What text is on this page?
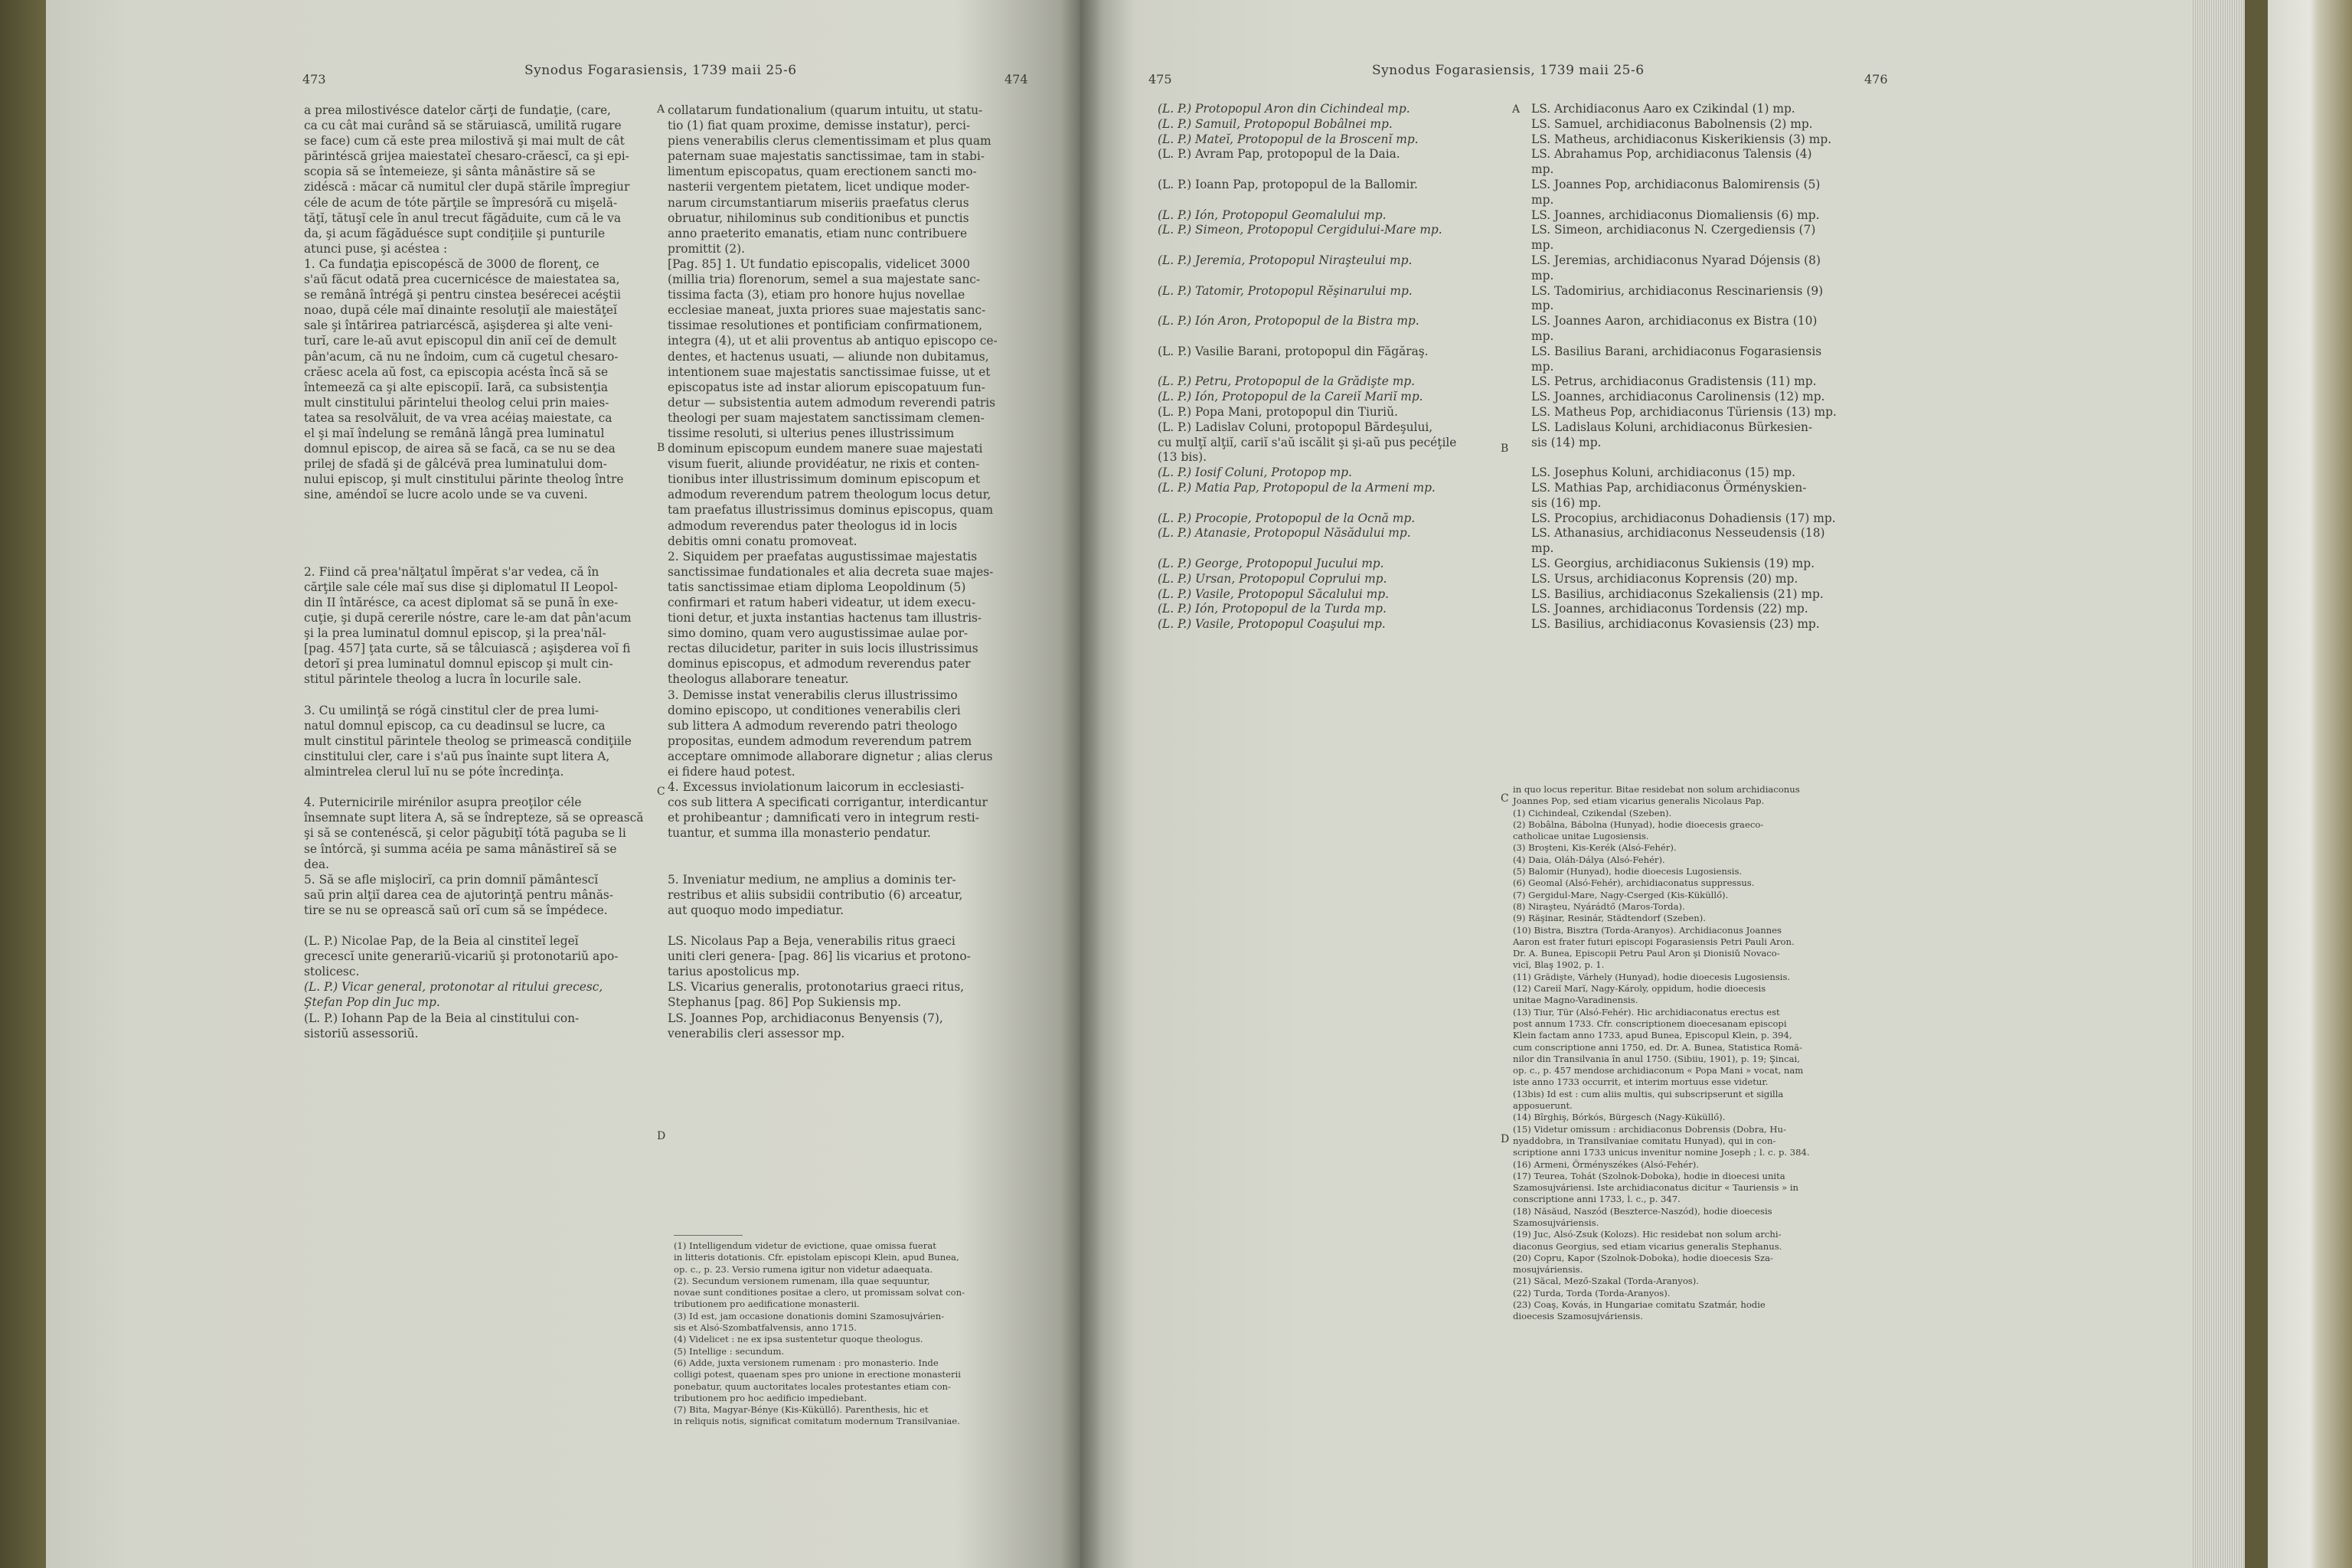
473
Synodus Fogarasiensis, 1739 maii 25-6
474

a prea milostivésce datelor cărţi de fundaţie, (care,

ca cu cât mai curând să se stăruiască, umilită rugare

se face) cum că este prea milostivă şi mai mult de cât

părintéscă grijea maiestateĭ chesaro-crăescĭ, ca şi epi-

scopia să se întemeieze, şi sânta mânăstire să se

zidéscă : măcar că numitul cler după stările împregiur

céle de acum de tóte părţile se împresóră cu mişelă-

tăţĭ, tătuşĭ cele în anul trecut făgăduite, cum că le va

da, şi acum făgăduésce supt condiţiile şi punturile

atunci puse, şi acéstea :

1. Ca fundaţia episcopéscă de 3000 de florenţ, ce

s'aŭ făcut odată prea cucernicésce de maiestatea sa,

se remână întrégă şi pentru cinstea besérecei acéştii

noao, după céle maĭ dinainte resoluţiĭ ale maiestăţeĭ

sale şi întărirea patriarcéscă, aşişderea şi alte veni-

turĭ, care le-aŭ avut episcopul din aniĭ ceĭ de demult

pân'acum, că nu ne îndoim, cum că cugetul chesaro-

crăesc acela aŭ fost, ca episcopia acésta încă să se

întemeeză ca şi alte episcopiĭ. Iară, ca subsistenţia

mult cinstitului părintelui theolog celui prin maies-

tatea sa resolvăluit, de va vrea acéiaş maiestate, ca

el şi maĭ îndelung se remână lângă prea luminatul

domnul episcop, de airea să se facă, ca se nu se dea

prilej de sfadă şi de gâlcévă prea luminatului dom-

nului episcop, şi mult cinstitului părinte theolog între

sine, améndoĭ se lucre acolo unde se va cuveni.

2. Fiind că prea'nălţatul împĕrat s'ar vedea, că în

cărţile sale céle maĭ sus dise şi diplomatul II Leopol-

din II întărésce, ca acest diplomat să se pună în exe-

cuţie, şi după cererile nóstre, care le-am dat pân'acum

şi la prea luminatul domnul episcop, şi la prea'năl-

[pag. 457] ţata curte, să se tâlcuiască ; aşişderea voĭ fi

detorĭ şi prea luminatul domnul episcop şi mult cin-

stitul părintele theolog a lucra în locurile sale.

3. Cu umilinţă se rógă cinstitul cler de prea lumi-

natul domnul episcop, ca cu deadinsul se lucre, ca

mult cinstitul părintele theolog se primească condiţiile

cinstitului cler, care i s'aŭ pus înainte supt litera A,

almintrelea clerul luĭ nu se póte încredinţa.

4. Puternicirile mirénilor asupra preoţilor céle

însemnate supt litera A, să se îndrepteze, să se oprească

şi să se contenéscă, şi celor păgubiţĭ tótă paguba se li

se întórcă, şi summa acéia pe sama mânăstireĭ să se

dea.

5. Să se afle mişlocirĭ, ca prin domniĭ pământescĭ

saŭ prin alţiĭ darea cea de ajutorinţă pentru mânăs-

tire se nu se oprească saŭ orĭ cum să se împédece.

(L. P.) Nicolae Pap, de la Beia al cinstiteĭ legeĭ

grecescĭ unite generariŭ-vicariŭ şi protonotariŭ apo-

stolicesc.

(L. P.) Vicar general, protonotar al ritului grecesc,

Ştefan Pop din Juc mp.

(L. P.) Iohann Pap de la Beia al cinstitului con-

sistoriŭ assessoriŭ.

collatarum fundationalium (quarum intuitu, ut statu-

tio (1) fiat quam proxime, demisse instatur), perci-

piens venerabilis clerus clementissimam et plus quam

paternam suae majestatis sanctissimae, tam in stabi-

limentum episcopatus, quam erectionem sancti mo-

nasterii vergentem pietatem, licet undique moder-

narum circumstantiarum miseriis praefatus clerus

obruatur, nihilominus sub conditionibus et punctis

anno praeterito emanatis, etiam nunc contribuere

promittit (2).

[Pag. 85] 1. Ut fundatio episcopalis, videlicet 3000

(millia tria) florenorum, semel a sua majestate sanc-

tissima facta (3), etiam pro honore hujus novellae

ecclesiae maneat, juxta priores suae majestatis sanc-

tissimae resolutiones et pontificiam confirmationem,

integra (4), ut et alii proventus ab antiquo episcopo ce-

dentes, et hactenus usuati, — aliunde non dubitamus,

intentionem suae majestatis sanctissimae fuisse, ut et

episcopatus iste ad instar aliorum episcopatuum fun-

detur — subsistentia autem admodum reverendi patris

theologi per suam majestatem sanctissimam clemen-

tissime resoluti, si ulterius penes illustrissimum

dominum episcopum eundem manere suae majestati

visum fuerit, aliunde providéatur, ne rixis et conten-

tionibus inter illustrissimum dominum episcopum et

admodum reverendum patrem theologum locus detur,

tam praefatus illustrissimus dominus episcopus, quam

admodum reverendus pater theologus id in locis

debitis omni conatu promoveat.

2. Siquidem per praefatas augustissimae majestatis

sanctissimae fundationales et alia decreta suae majes-

tatis sanctissimae etiam diploma Leopoldinum (5)

confirmari et ratum haberi videatur, ut idem execu-

tioni detur, et juxta instantias hactenus tam illustris-

simo domino, quam vero augustissimae aulae por-

rectas dilucidetur, pariter in suis locis illustrissimus

dominus episcopus, et admodum reverendus pater

theologus allaborare teneatur.

3. Demisse instat venerabilis clerus illustrissimo

domino episcopo, ut conditiones venerabilis cleri

sub littera A admodum reverendo patri theologo

propositas, eundem admodum reverendum patrem

acceptare omnimode allaborare dignetur ; alias clerus

ei fidere haud potest.

4. Excessus inviolationum laicorum in ecclesiasti-

cos sub littera A specificati corrigantur, interdicantur

et prohibeantur ; damnificati vero in integrum resti-

tuantur, et summa illa monasterio pendatur.

5. Inveniatur medium, ne amplius a dominis ter-

restribus et aliis subsidii contributio (6) arceatur,

aut quoquo modo impediatur.

LS. Nicolaus Pap a Beja, venerabilis ritus graeci

uniti cleri genera- [pag. 86] lis vicarius et protono-

tarius apostolicus mp.

LS. Vicarius generalis, protonotarius graeci ritus,

Stephanus [pag. 86] Pop Sukiensis mp.

LS. Joannes Pop, archidiaconus Benyensis (7),

venerabilis cleri assessor mp.

A
B
C
D

(1) Intelligendum videtur de evictione, quae omissa fuerat

in litteris dotationis. Cfr. epistolam episcopi Klein, apud Bunea,

op. c., p. 23. Versio rumena igitur non videtur adaequata.

(2). Secundum versionem rumenam, illa quae sequuntur,

novae sunt conditiones positae a clero, ut promissam solvat con-

tributionem pro aedificatione monasterii.

(3) Id est, jam occasione donationis domini Szamosujvárien-

sis et Alsó-Szombatfalvensis, anno 1715.

(4) Videlicet : ne ex ipsa sustentetur quoque theologus.

(5) Intellige : secundum.

(6) Adde, juxta versionem rumenam : pro monasterio. Inde

colligi potest, quaenam spes pro unione in erectione monasterii

ponebatur, quum auctoritates locales protestantes etiam con-

tributionem pro hoc aedificio impediebant.

(7) Bita, Magyar-Bénye (Kis-Küküllő). Parenthesis, hic et

in reliquis notis, significat comitatum modernum Transilvaniae.

475
Synodus Fogarasiensis, 1739 maii 25-6
476

(L. P.) Protopopul Aron din Cichindeal mp.

(L. P.) Samuil, Protopopul Bobâlnei mp.

(L. P.) Mateĭ, Protopopul de la Broscenĭ mp.

(L. P.) Avram Pap, protopopul de la Daia.

(L. P.) Ioann Pap, protopopul de la Ballomir.

(L. P.) Ión, Protopopul Geomalului mp.

(L. P.) Simeon, Protopopul Cergidului-Mare mp.

(L. P.) Jeremia, Protopopul Niraşteului mp.

(L. P.) Tatomir, Protopopul Rĕşinarului mp.

(L. P.) Ión Aron, Protopopul de la Bistra mp.

(L. P.) Vasilie Barani, protopopul din Făgăraş.

(L. P.) Petru, Protopopul de la Grădişte mp.

(L. P.) Ión, Protopopul de la Careiĭ Mariĭ mp.

(L. P.) Popa Mani, protopopul din Tiuriŭ.

(L. P.) Ladislav Coluni, protopopul Bărdeşului,

cu mulţĭ alţiĭ, cariĭ s'aŭ iscălit şi şi-aŭ pus pecéţile

(13 bis).

(L. P.) Iosif Coluni, Protopop mp.

(L. P.) Matia Pap, Protopopul de la Armeni mp.

(L. P.) Procopie, Protopopul de la Ocnă mp.

(L. P.) Atanasie, Protopopul Năsădului mp.

(L. P.) George, Protopopul Jucului mp.

(L. P.) Ursan, Protopopul Coprului mp.

(L. P.) Vasile, Protopopul Săcalului mp.

(L. P.) Ión, Protopopul de la Turda mp.

(L. P.) Vasile, Protopopul Coaşului mp.

LS. Archidiaconus Aaro ex Czikindal (1) mp.

LS. Samuel, archidiaconus Babolnensis (2) mp.

LS. Matheus, archidiaconus Kiskerikiensis (3) mp.

LS. Abrahamus Pop, archidiaconus Talensis (4)

mp.

LS. Joannes Pop, archidiaconus Balomirensis (5)

mp.

LS. Joannes, archidiaconus Diomaliensis (6) mp.

LS. Simeon, archidiaconus N. Czergediensis (7)

mp.

LS. Jeremias, archidiaconus Nyarad Dójensis (8)

mp.

LS. Tadomirius, archidiaconus Rescinariensis (9)

mp.

LS. Joannes Aaron, archidiaconus ex Bistra (10)

mp.

LS. Basilius Barani, archidiaconus Fogarasiensis

mp.

LS. Petrus, archidiaconus Gradistensis (11) mp.

LS. Joannes, archidiaconus Carolinensis (12) mp.

LS. Matheus Pop, archidiaconus Türiensis (13) mp.

LS. Ladislaus Koluni, archidiaconus Bürkesien-

sis (14) mp.

LS. Josephus Koluni, archidiaconus (15) mp.

LS. Mathias Pap, archidiaconus Örményskien-

sis (16) mp.

LS. Procopius, archidiaconus Dohadiensis (17) mp.

LS. Athanasius, archidiaconus Nesseudensis (18)

mp.

LS. Georgius, archidiaconus Sukiensis (19) mp.

LS. Ursus, archidiaconus Koprensis (20) mp.

LS. Basilius, archidiaconus Szekaliensis (21) mp.

LS. Joannes, archidiaconus Tordensis (22) mp.

LS. Basilius, archidiaconus Kovasiensis (23) mp.

A
B
C
D

in quo locus reperitur. Bitae residebat non solum archidiaconus

Joannes Pop, sed etiam vicarius generalis Nicolaus Pap.

(1) Cichindeal, Czikendal (Szeben).

(2) Bobâlna, Bábolna (Hunyad), hodie dioecesis graeco-

catholicae unitae Lugosiensis.

(3) Broşteni, Kis-Kerék (Alsó-Fehér).

(4) Daia, Oláh-Dálya (Alsó-Fehér).

(5) Balomir (Hunyad), hodie dioecesis Lugosiensis.

(6) Geomal (Alsó-Fehér), archidiaconatus suppressus.

(7) Gergidul-Mare, Nagy-Cserged (Kis-Küküllő).

(8) Niraşteu, Nyárádtő (Maros-Torda).

(9) Răşinar, Resinár, Städtendorf (Szeben).

(10) Bistra, Bisztra (Torda-Aranyos). Archidiaconus Joannes

Aaron est frater futuri episcopi Fogarasiensis Petri Pauli Aron.

Dr. A. Bunea, Episcopii Petru Paul Aron şi Dionisiŭ Novaco-

vicĭ, Blaş 1902, p. 1.

(11) Grădişte, Várhely (Hunyad), hodie dioecesis Lugosiensis.

(12) Careiĭ Marĭ, Nagy-Károly, oppidum, hodie dioecesis

unitae Magno-Varadinensis.

(13) Tiur, Tür (Alsó-Fehér). Hic archidiaconatus erectus est

post annum 1733. Cfr. conscriptionem dioecesanam episcopi

Klein factam anno 1733, apud Bunea, Episcopul Klein, p. 394,

cum conscriptione anni 1750, ed. Dr. A. Bunea, Statistica Romă-

nilor din Transilvania în anul 1750. (Sibiiu, 1901), p. 19; Şincai,

op. c., p. 457 mendose archidiaconum « Popa Mani » vocat, nam

iste anno 1733 occurrit, et interim mortuus esse videtur.

(13bis) Id est : cum aliis multis, qui subscripserunt et sigilla

apposuerunt.

(14) Bîrghiş, Bórkós, Bürgesch (Nagy-Küküllő).

(15) Videtur omissum : archidiaconus Dobrensis (Dobra, Hu-

nyaddobra, in Transilvaniae comitatu Hunyad), qui in con-

scriptione anni 1733 unicus invenitur nomine Joseph ; l. c. p. 384.

(16) Armeni, Örményszékes (Alsó-Fehér).

(17) Teurea, Tohát (Szolnok-Doboka), hodie in dioecesi unita

Szamosujváriensi. Iste archidiaconatus dicitur « Tauriensis » in

conscriptione anni 1733, l. c., p. 347.

(18) Năsăud, Naszód (Beszterce-Naszód), hodie dioecesis

Szamosujváriensis.

(19) Juc, Alsó-Zsuk (Kolozs). Hic residebat non solum archi-

diaconus Georgius, sed etiam vicarius generalis Stephanus.

(20) Copru, Kapor (Szolnok-Doboka), hodie dioecesis Sza-

mosujváriensis.

(21) Săcal, Mező-Szakal (Torda-Aranyos).

(22) Turda, Torda (Torda-Aranyos).

(23) Coaş, Kovás, in Hungariae comitatu Szatmár, hodie

dioecesis Szamosujváriensis.
